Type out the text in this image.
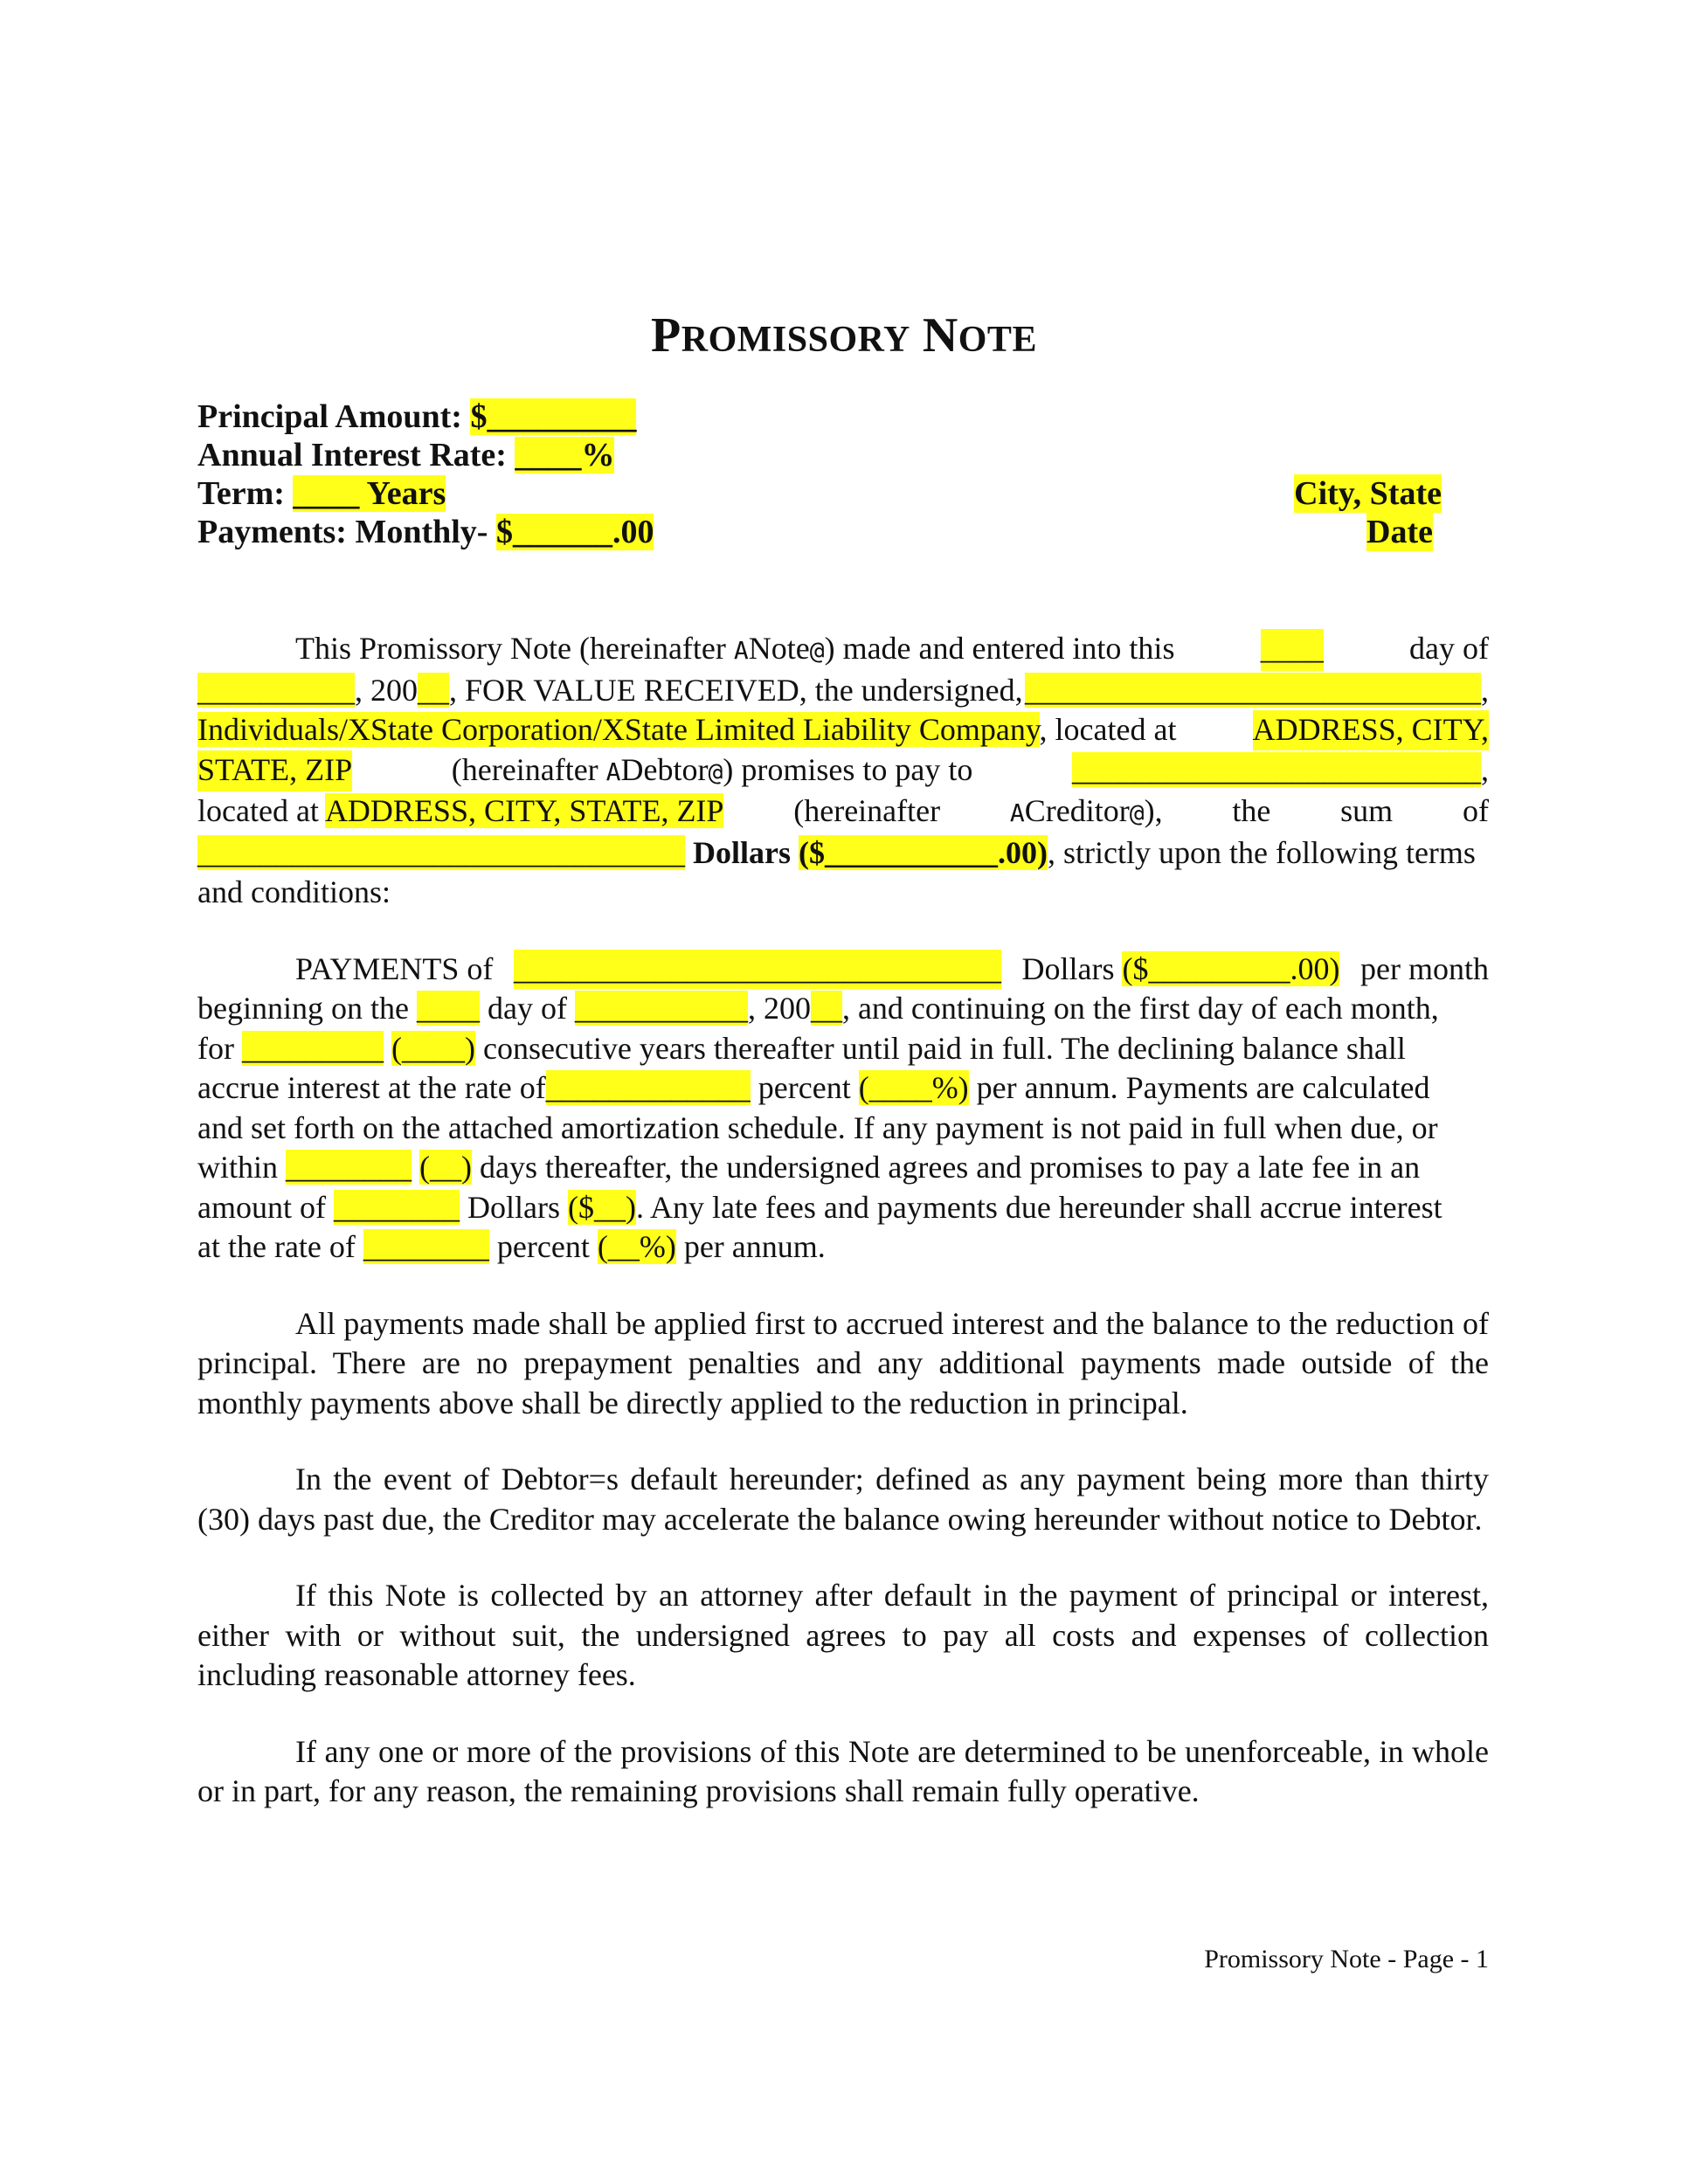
PROMISSORY NOTE
Principal Amount: $_________
Annual Interest Rate: ____%
Term: ____ Years	City, State
Payments: Monthly- $______.00	Date
This Promissory Note (hereinafter ANote@) made and entered into this	____	day of
__________, 200__, FOR VALUE RECEIVED, the undersigned, _____________________________,
Individuals/XState Corporation/XState Limited Liability Company, located at ADDRESS, CITY,
STATE, ZIP	(hereinafter ADebtor@) promises to pay to	__________________________,
located at ADDRESS, CITY, STATE, ZIP (hereinafter	ACreditor@), the sum of
_______________________________ Dollars ($___________.00), strictly upon the following terms
and conditions:
PAYMENTS of _______________________________ Dollars ($_________.00) per month
beginning on the ____ day of ___________, 200__, and continuing on the first day of each month,
for _________ (____) consecutive years thereafter until paid in full. The declining balance shall
accrue interest at the rate of_____________ percent (____%) per annum. Payments are calculated
and set forth on the attached amortization schedule. If any payment is not paid in full when due, or
within ________ (__) days thereafter, the undersigned agrees and promises to pay a late fee in an
amount of ________ Dollars ($__). Any late fees and payments due hereunder shall accrue interest
at the rate of ________ percent (__%) per annum.

All payments made shall be applied first to accrued interest and the balance to the reduction of principal. There are no prepayment penalties and any additional payments made outside of the monthly payments above shall be directly applied to the reduction in principal.

In the event of Debtor=s default hereunder; defined as any payment being more than thirty (30) days past due, the Creditor may accelerate the balance owing hereunder without notice to Debtor.

If this Note is collected by an attorney after default in the payment of principal or interest, either with or without suit, the undersigned agrees to pay all costs and expenses of collection including reasonable attorney fees.

If any one or more of the provisions of this Note are determined to be unenforceable, in whole or in part, for any reason, the remaining provisions shall remain fully operative.

Promissory Note - Page - 1
